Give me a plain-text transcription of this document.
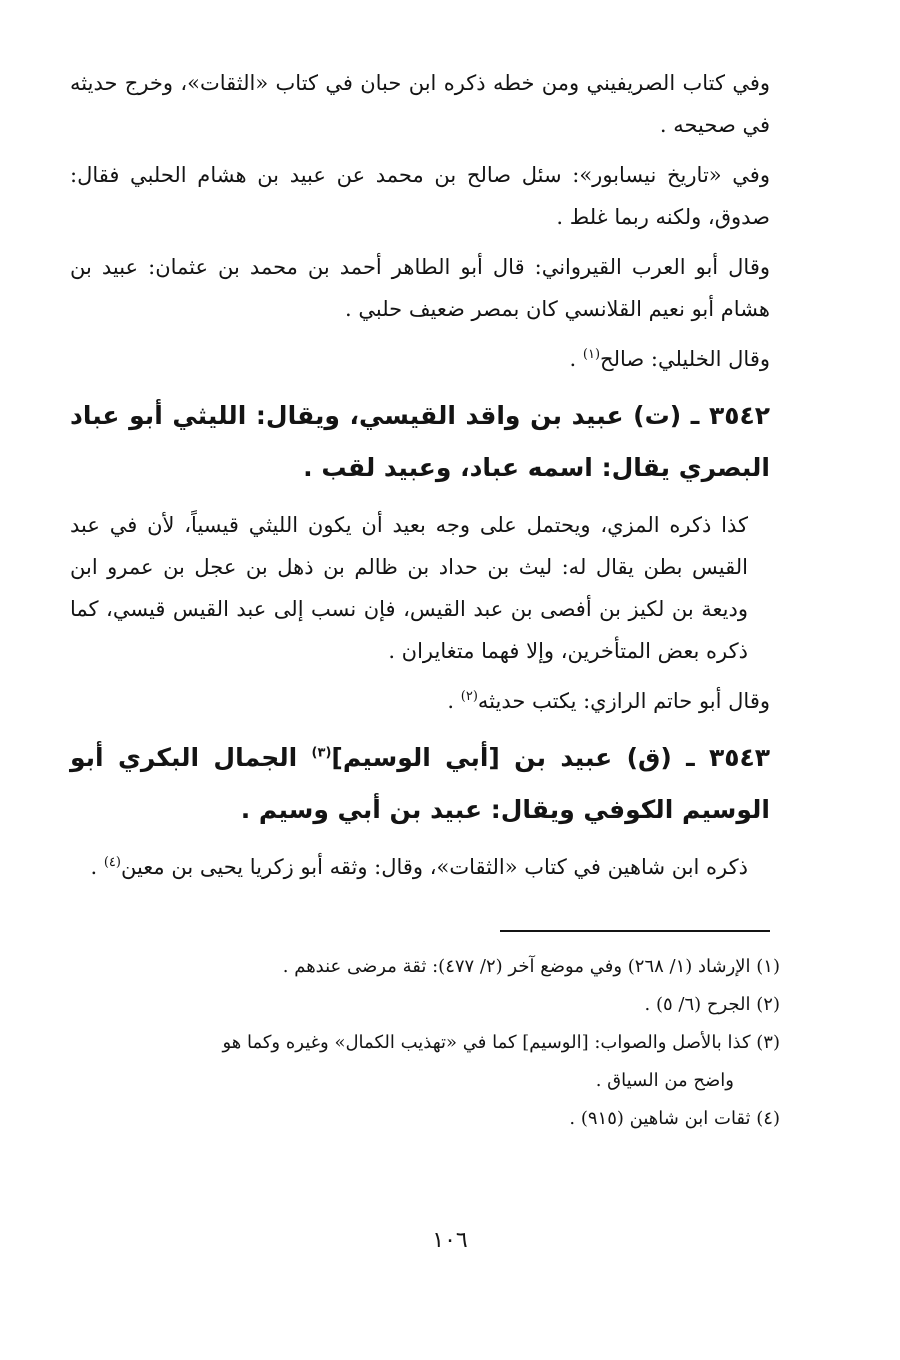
وفي كتاب الصريفيني ومن خطه ذكره ابن حبان في كتاب «الثقات»، وخرج حديثه في صحيحه .

وفي «تاريخ نيسابور»: سئل صالح بن محمد عن عبيد بن هشام الحلبي فقال: صدوق، ولكنه ربما غلط .

وقال أبو العرب القيرواني: قال أبو الطاهر أحمد بن محمد بن عثمان: عبيد بن هشام أبو نعيم القلانسي كان بمصر ضعيف حلبي .

وقال الخليلي: صالح$^{(١)}$ .

٣٥٤٢ ـ (ت) عبيد بن واقد القيسي، ويقال: الليثي أبو عباد البصري يقال: اسمه عباد، وعبيد لقب .

كذا ذكره المزي، ويحتمل على وجه بعيد أن يكون الليثي قيسياً، لأن في عبد القيس بطن يقال له: ليث بن حداد بن ظالم بن ذهل بن عجل بن عمرو ابن وديعة بن لكيز بن أفصى بن عبد القيس، فإن نسب إلى عبد القيس قيسي، كما ذكره بعض المتأخرين، وإلا فهما متغايران .

وقال أبو حاتم الرازي: يكتب حديثه$^{(٢)}$ .

٣٥٤٣ ـ (ق) عبيد بن [أبي الوسيم]$^{(٣)}$ الجمال البكري أبو الوسيم الكوفي ويقال: عبيد بن أبي وسيم .

ذكره ابن شاهين في كتاب «الثقات»، وقال: وثقه أبو زكريا يحيى بن معين$^{(٤)}$ .

(١) الإرشاد (١/ ٢٦٨) وفي موضع آخر (٢/ ٤٧٧): ثقة مرضى عندهم .

(٢) الجرح (٦/ ٥) .

(٣) كذا بالأصل والصواب: [الوسيم] كما في «تهذيب الكمال» وغيره وكما هو

واضح من السياق .

(٤) ثقات ابن شاهين (٩١٥) .

١٠٦
